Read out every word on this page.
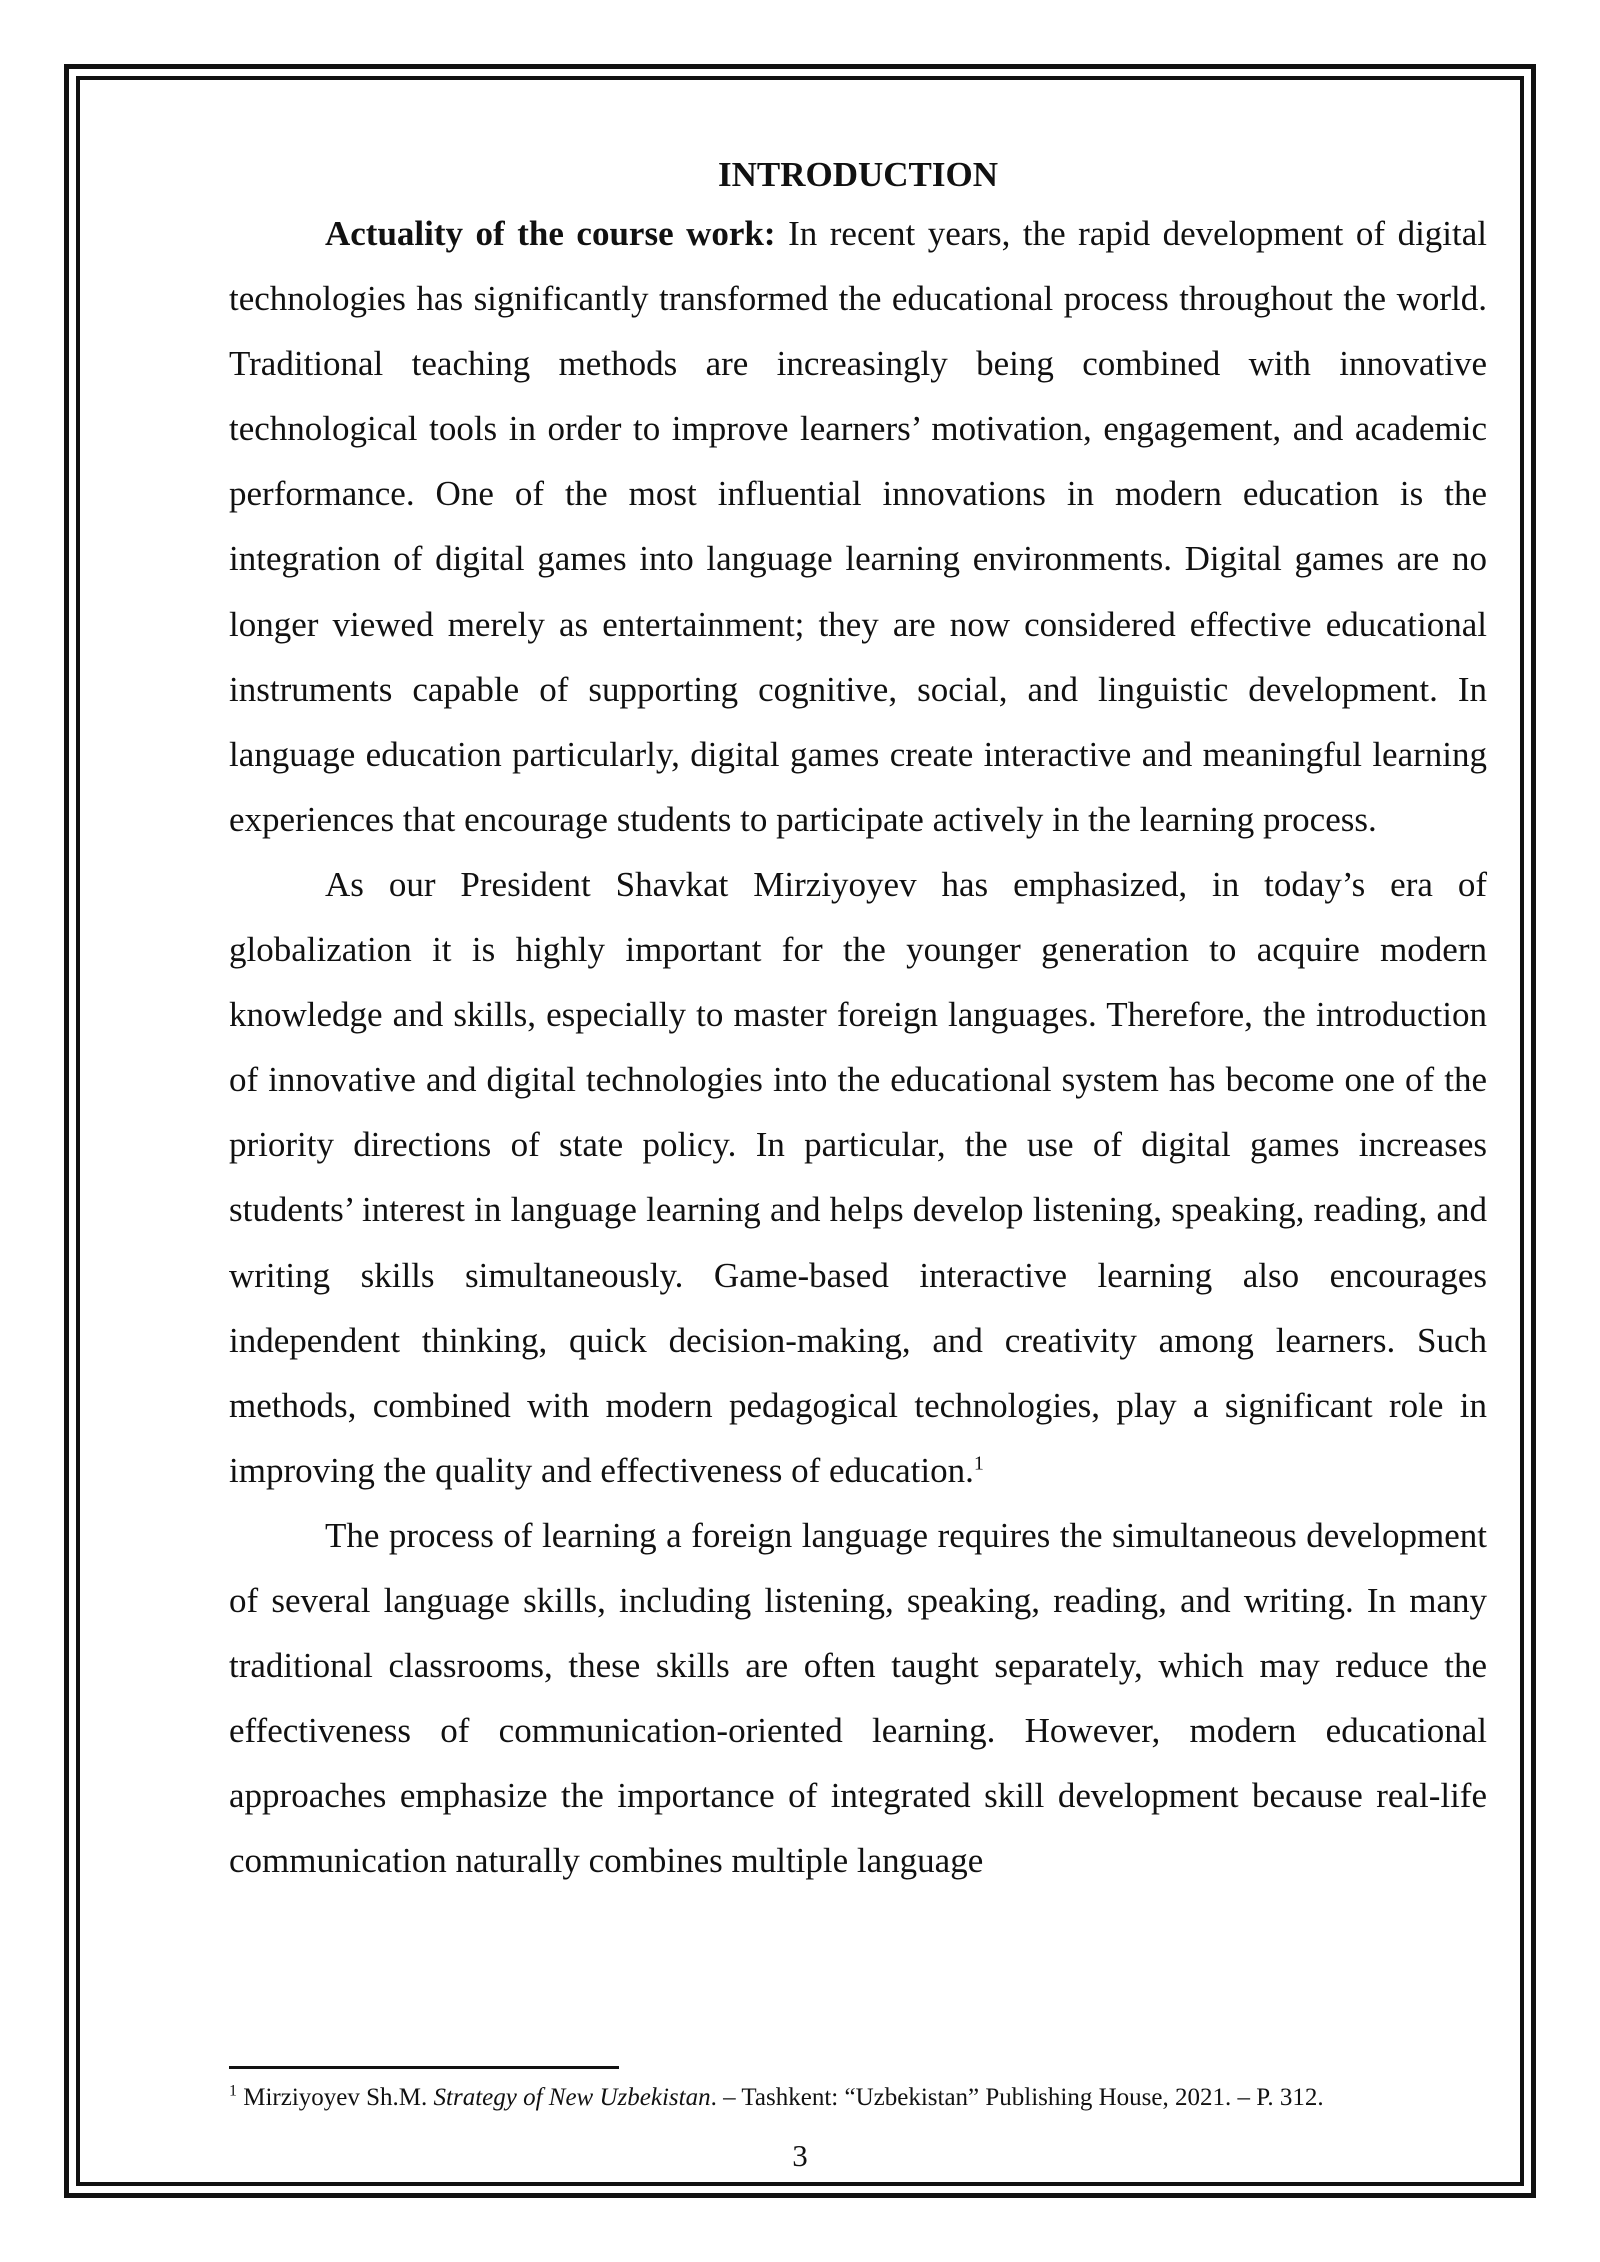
INTRODUCTION

Actuality of the course work: In recent years, the rapid development of digital technologies has significantly transformed the educational process throughout the world. Traditional teaching methods are increasingly being combined with innovative technological tools in order to improve learners’ motivation, engagement, and academic performance. One of the most influential innovations in modern education is the integration of digital games into language learning environments. Digital games are no longer viewed merely as entertainment; they are now considered effective educational instruments capable of supporting cognitive, social, and linguistic development. In language education particularly, digital games create interactive and meaningful learning experiences that encourage students to participate actively in the learning process.

As our President Shavkat Mirziyoyev has emphasized, in today’s era of globalization it is highly important for the younger generation to acquire modern knowledge and skills, especially to master foreign languages. Therefore, the introduction of innovative and digital technologies into the educational system has become one of the priority directions of state policy. In particular, the use of digital games increases students’ interest in language learning and helps develop listening, speaking, reading, and writing skills simultaneously. Game-based interactive learning also encourages independent thinking, quick decision-making, and creativity among learners. Such methods, combined with modern pedagogical technologies, play a significant role in improving the quality and effectiveness of education.$^1$

The process of learning a foreign language requires the simultaneous development of several language skills, including listening, speaking, reading, and writing. In many traditional classrooms, these skills are often taught separately, which may reduce the effectiveness of communication-oriented learning. However, modern educational approaches emphasize the importance of integrated skill development because real-life communication naturally combines multiple language

$^1$ Mirziyoyev Sh.M. Strategy of New Uzbekistan. – Tashkent: “Uzbekistan” Publishing House, 2021. – P. 312.

3
